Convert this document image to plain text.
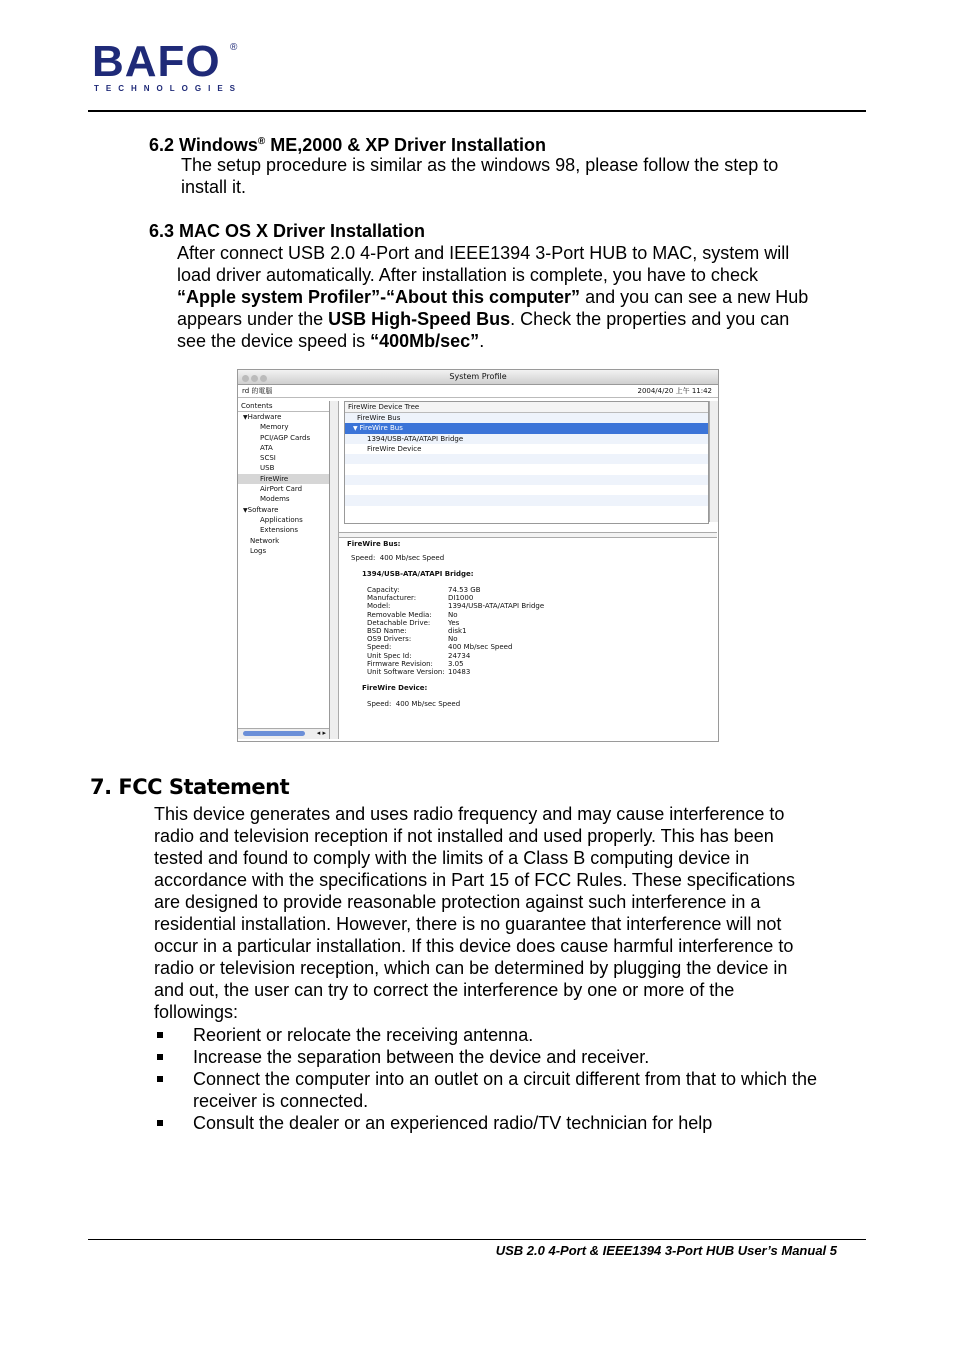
BAFO ®
TECHNOLOGIES
6.2 Windows® ME,2000 & XP Driver Installation
The setup procedure is similar as the windows 98, please follow the step to
install it.
6.3 MAC OS X Driver Installation
After connect USB 2.0 4-Port and IEEE1394 3-Port HUB to MAC, system will
load driver automatically. After installation is complete, you have to check
“Apple system Profiler”-“About this computer” and you can see a new Hub
appears under the USB High-Speed Bus. Check the properties and you can
see the device speed is “400Mb/sec”.
System Profile
rd 的電腦	2004/4/20 上午 11:42
Contents
▼Hardware
Memory
PCI/AGP Cards
ATA
SCSI
USB
FireWire
AirPort Card
Modems
▼Software
Applications
Extensions
Network
Logs
◂ ▸
FireWire Device Tree
FireWire Bus
▼ FireWire Bus
1394/USB-ATA/ATAPI Bridge
FireWire Device
FireWire Bus:
Speed: 400 Mb/sec Speed
1394/USB-ATA/ATAPI Bridge:
Capacity:	74.53 GB
Manufacturer:	DI1000
Model:	1394/USB-ATA/ATAPI Bridge
Removable Media: No
Detachable Drive:	Yes
BSD Name:	disk1
OS9 Drivers:	No
Speed:	400 Mb/sec Speed
Unit Spec Id:	24734
Firmware Revision: 3.05
Unit Software Version: 10483
FireWire Device:
Speed: 400 Mb/sec Speed
7. FCC Statement
This device generates and uses radio frequency and may cause interference to
radio and television reception if not installed and used properly. This has been
tested and found to comply with the limits of a Class B computing device in
accordance with the specifications in Part 15 of FCC Rules. These specifications
are designed to provide reasonable protection against such interference in a
residential installation. However, there is no guarantee that interference will not
occur in a particular installation. If this device does cause harmful interference to
radio or television reception, which can be determined by plugging the device in
and out, the user can try to correct the interference by one or more of the
followings:
Reorient or relocate the receiving antenna.
Increase the separation between the device and receiver.
Connect the computer into an outlet on a circuit different from that to which the receiver is connected.
Consult the dealer or an experienced radio/TV technician for help
USB 2.0 4-Port & IEEE1394 3-Port HUB User’s Manual 5
